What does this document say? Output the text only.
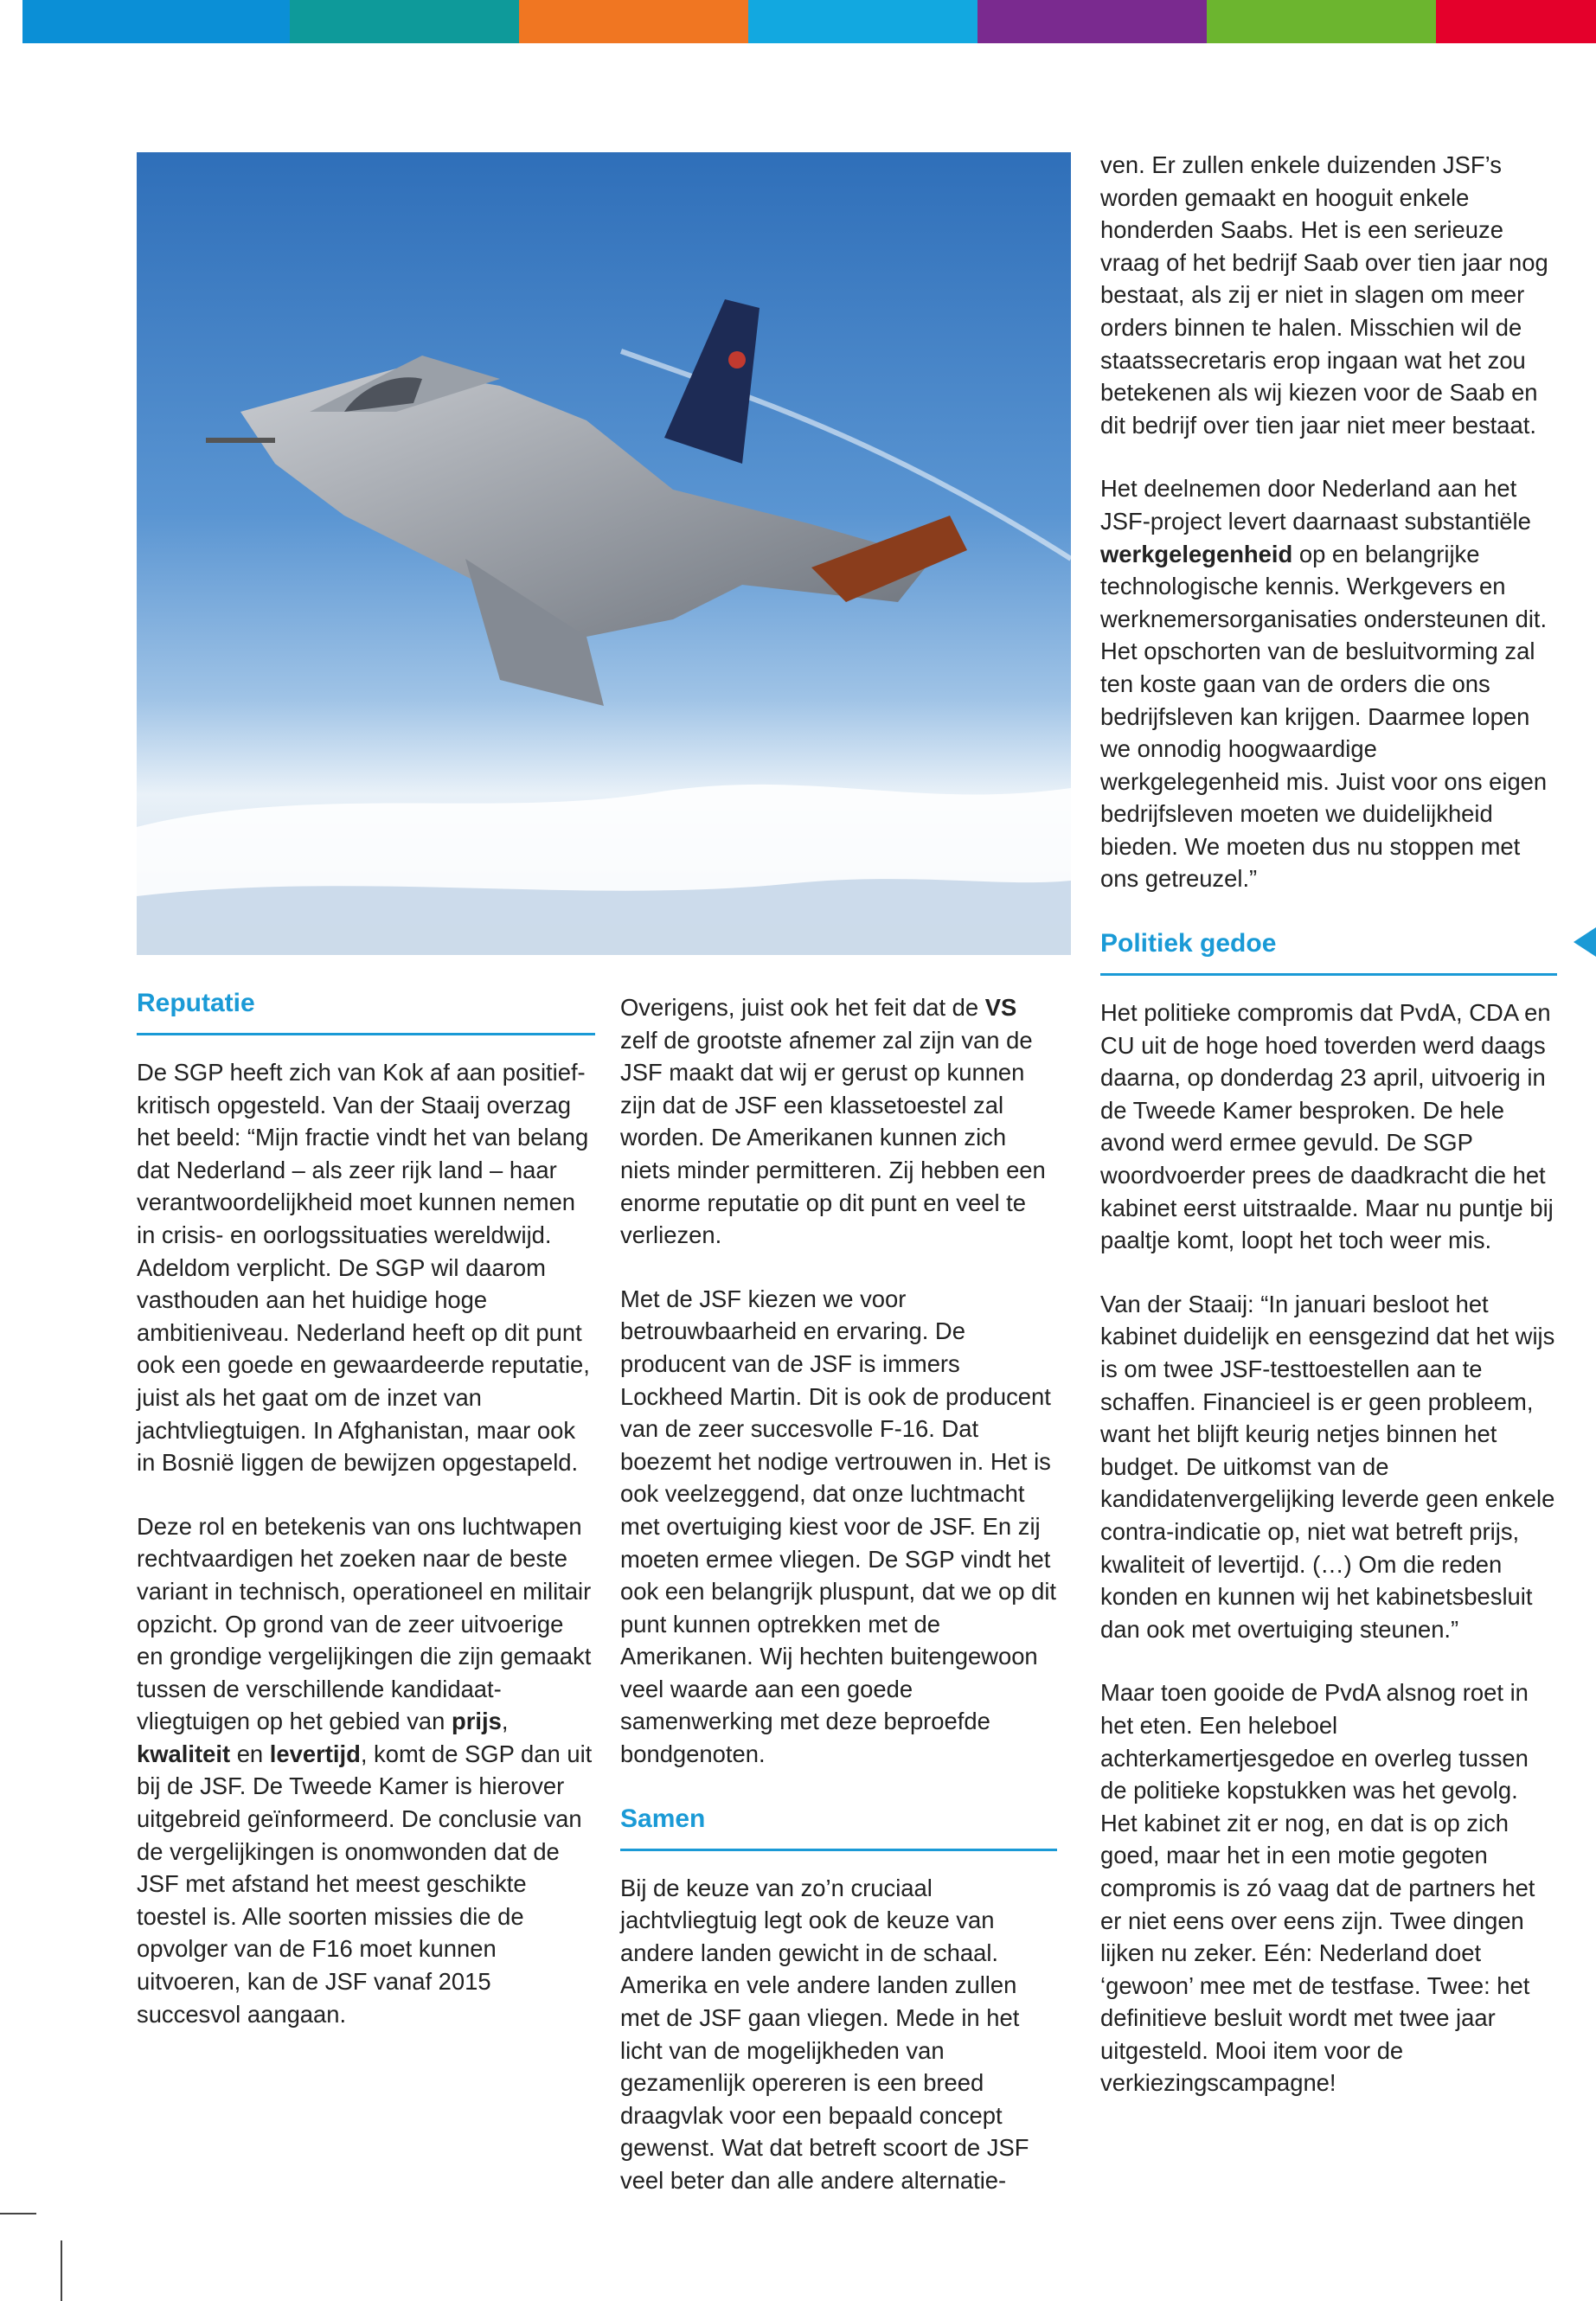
ven. Er zullen enkele duizenden JSF’s worden gemaakt en hooguit enkele honderden Saabs. Het is een serieuze vraag of het bedrijf Saab over tien jaar nog bestaat, als zij er niet in slagen om meer orders binnen te halen. Misschien wil de staatssecretaris erop ingaan wat het zou betekenen als wij kiezen voor de Saab en dit bedrijf over tien jaar niet meer bestaat.

Het deelnemen door Nederland aan het JSF-project levert daarnaast substantiële werkgelegenheid op en belangrijke technologische kennis. Werkgevers en werknemersorganisaties ondersteunen dit. Het opschorten van de besluitvorming zal ten koste gaan van de orders die ons bedrijfsleven kan krijgen. Daarmee lopen we onnodig hoogwaardige werkgelegenheid mis. Juist voor ons eigen bedrijfsleven moeten we duidelijkheid bieden. We moeten dus nu stoppen met ons getreuzel.”

Politiek gedoe

Het politieke compromis dat PvdA, CDA en CU uit de hoge hoed toverden werd daags daarna, op donderdag 23 april, uitvoerig in de Tweede Kamer besproken. De hele avond werd ermee gevuld. De SGP woordvoerder prees de daadkracht die het kabinet eerst uitstraalde. Maar nu puntje bij paaltje komt, loopt het toch weer mis.

Van der Staaij: “In januari besloot het kabinet duidelijk en eensgezind dat het wijs is om twee JSF-testtoestellen aan te schaffen. Financieel is er geen probleem, want het blijft keurig netjes binnen het budget. De uitkomst van de kandidatenvergelijking leverde geen enkele contra-indicatie op, niet wat betreft prijs, kwaliteit of levertijd. (…) Om die reden konden en kunnen wij het kabinetsbesluit dan ook met overtuiging steunen.”

Maar toen gooide de PvdA alsnog roet in het eten. Een heleboel achterkamertjesgedoe en overleg tussen de politieke kopstukken was het gevolg. Het kabinet zit er nog, en dat is op zich goed, maar het in een motie gegoten compromis is zó vaag dat de partners het er niet eens over eens zijn. Twee dingen lijken nu zeker. Eén: Nederland doet ‘gewoon’ mee met de testfase. Twee: het definitieve besluit wordt met twee jaar uitgesteld. Mooi item voor de verkiezingscampagne!

Reputatie

De SGP heeft zich van Kok af aan positief-kritisch opgesteld. Van der Staaij overzag het beeld: “Mijn fractie vindt het van belang dat Nederland – als zeer rijk land – haar verantwoordelijkheid moet kunnen nemen in crisis- en oorlogssituaties wereldwijd. Adeldom verplicht. De SGP wil daarom vasthouden aan het huidige hoge ambitieniveau. Nederland heeft op dit punt ook een goede en gewaardeerde reputatie, juist als het gaat om de inzet van jachtvliegtuigen. In Afghanistan, maar ook in Bosnië liggen de bewijzen opgestapeld.

Deze rol en betekenis van ons luchtwapen rechtvaardigen het zoeken naar de beste variant in technisch, operationeel en militair opzicht. Op grond van de zeer uitvoerige en grondige vergelijkingen die zijn gemaakt tussen de verschillende kandidaat-vliegtuigen op het gebied van prijs, kwaliteit en levertijd, komt de SGP dan uit bij de JSF. De Tweede Kamer is hierover uitgebreid geïnformeerd. De conclusie van de vergelijkingen is onomwonden dat de JSF met afstand het meest geschikte toestel is. Alle soorten missies die de opvolger van de F16 moet kunnen uitvoeren, kan de JSF vanaf 2015 succesvol aangaan.

Overigens, juist ook het feit dat de VS zelf de grootste afnemer zal zijn van de JSF maakt dat wij er gerust op kunnen zijn dat de JSF een klassetoestel zal worden. De Amerikanen kunnen zich niets minder permitteren. Zij hebben een enorme reputatie op dit punt en veel te verliezen.

Met de JSF kiezen we voor betrouwbaarheid en ervaring. De producent van de JSF is immers Lockheed Martin. Dit is ook de producent van de zeer succesvolle F-16. Dat boezemt het nodige vertrouwen in. Het is ook veelzeggend, dat onze luchtmacht met overtuiging kiest voor de JSF. En zij moeten ermee vliegen. De SGP vindt het ook een belangrijk pluspunt, dat we op dit punt kunnen optrekken met de Amerikanen. Wij hechten buitengewoon veel waarde aan een goede samenwerking met deze beproefde bondgenoten.

Samen

Bij de keuze van zo’n cruciaal jachtvliegtuig legt ook de keuze van andere landen gewicht in de schaal. Amerika en vele andere landen zullen met de JSF gaan vliegen. Mede in het licht van de mogelijkheden van gezamenlijk opereren is een breed draagvlak voor een bepaald concept gewenst. Wat dat betreft scoort de JSF veel beter dan alle andere alternatie-
